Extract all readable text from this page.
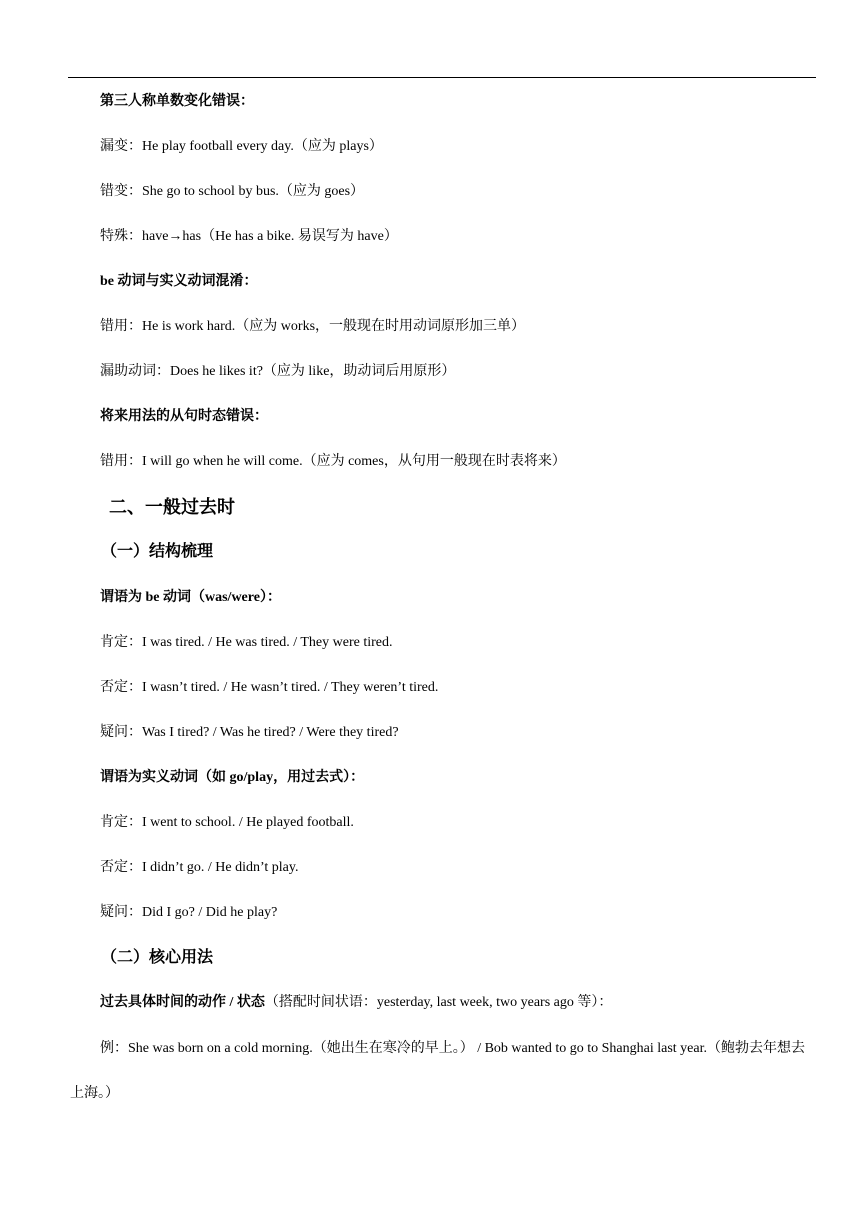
第三人称单数变化错误：
漏变：He play football every day.（应为 plays）
错变：She go to school by bus.（应为 goes）
特殊：have→has（He has a bike. 易误写为 have）
be 动词与实义动词混淆：
错用：He is work hard.（应为 works，一般现在时用动词原形加三单）
漏助动词：Does he likes it?（应为 like，助动词后用原形）
将来用法的从句时态错误：
错用：I will go when he will come.（应为 comes，从句用一般现在时表将来）
二、一般过去时
（一）结构梳理
谓语为 be 动词（was/were）：
肯定：I was tired. / He was tired. / They were tired.
否定：I wasn’t tired. / He wasn’t tired. / They weren’t tired.
疑问：Was I tired? / Was he tired? / Were they tired?
谓语为实义动词（如 go/play，用过去式）：
肯定：I went to school. / He played football.
否定：I didn’t go. / He didn’t play.
疑问：Did I go? / Did he play?
（二）核心用法
过去具体时间的动作 / 状态（搭配时间状语：yesterday, last week, two years ago 等）：
例：She was born on a cold morning.（她出生在寒冷的早上。） / Bob wanted to go to Shanghai last year.（鲍勃去年想去上海。）
